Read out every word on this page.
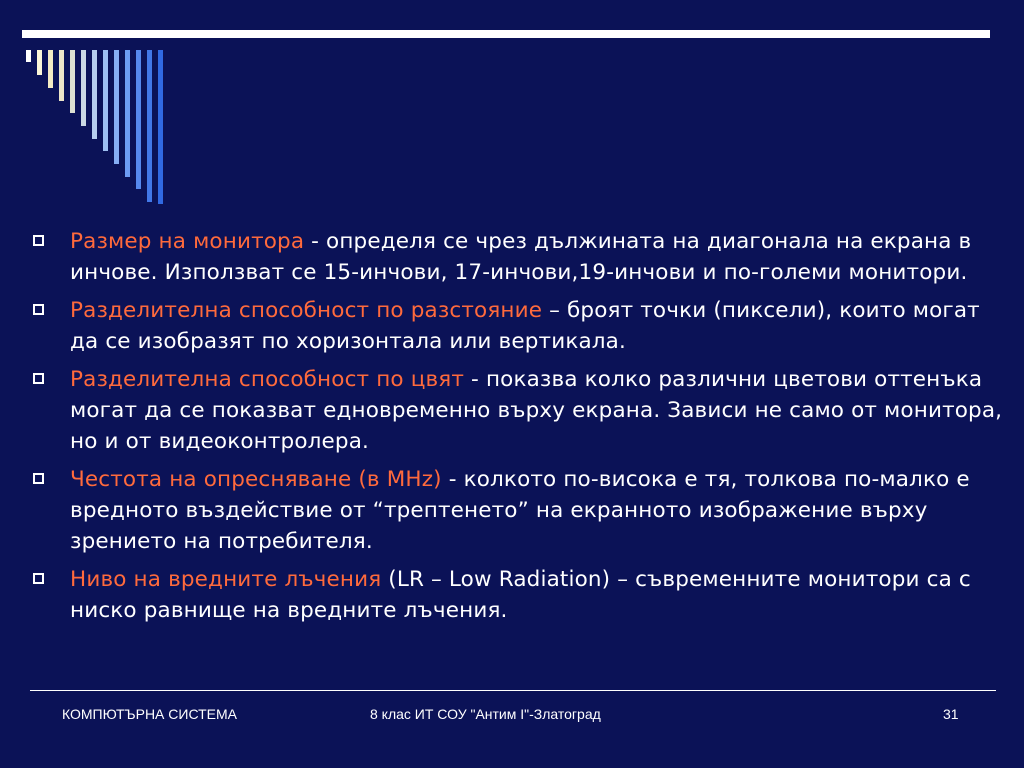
Размер на монитора - определя се чрез дължината на диагонала на екрана в инчове. Използват се 15-инчови, 17-инчови,19-инчови и по-големи монитори.
Разделителна способност по разстояние – броят точки (пиксели), които могат да се изобразят по хоризонтала или вертикала.
Разделителна способност по цвят - показва колко различни цветови оттенъка могат да се показват едновременно върху екрана. Зависи не само от монитора, но и от видеоконтролера.
Честота на опресняване (в MHz) - колкото по-висока е тя, толкова по-малко е вредното въздействие от “трептенето” на екранното изображение върху зрението на потребителя.
Ниво на вредните лъчения (LR – Low Radiation) – съвременните монитори са с ниско равнище на вредните лъчения.
КОМПЮТЪРНА СИСТЕМА	8 клас ИТ СОУ "Антим I"-Златоград	31
